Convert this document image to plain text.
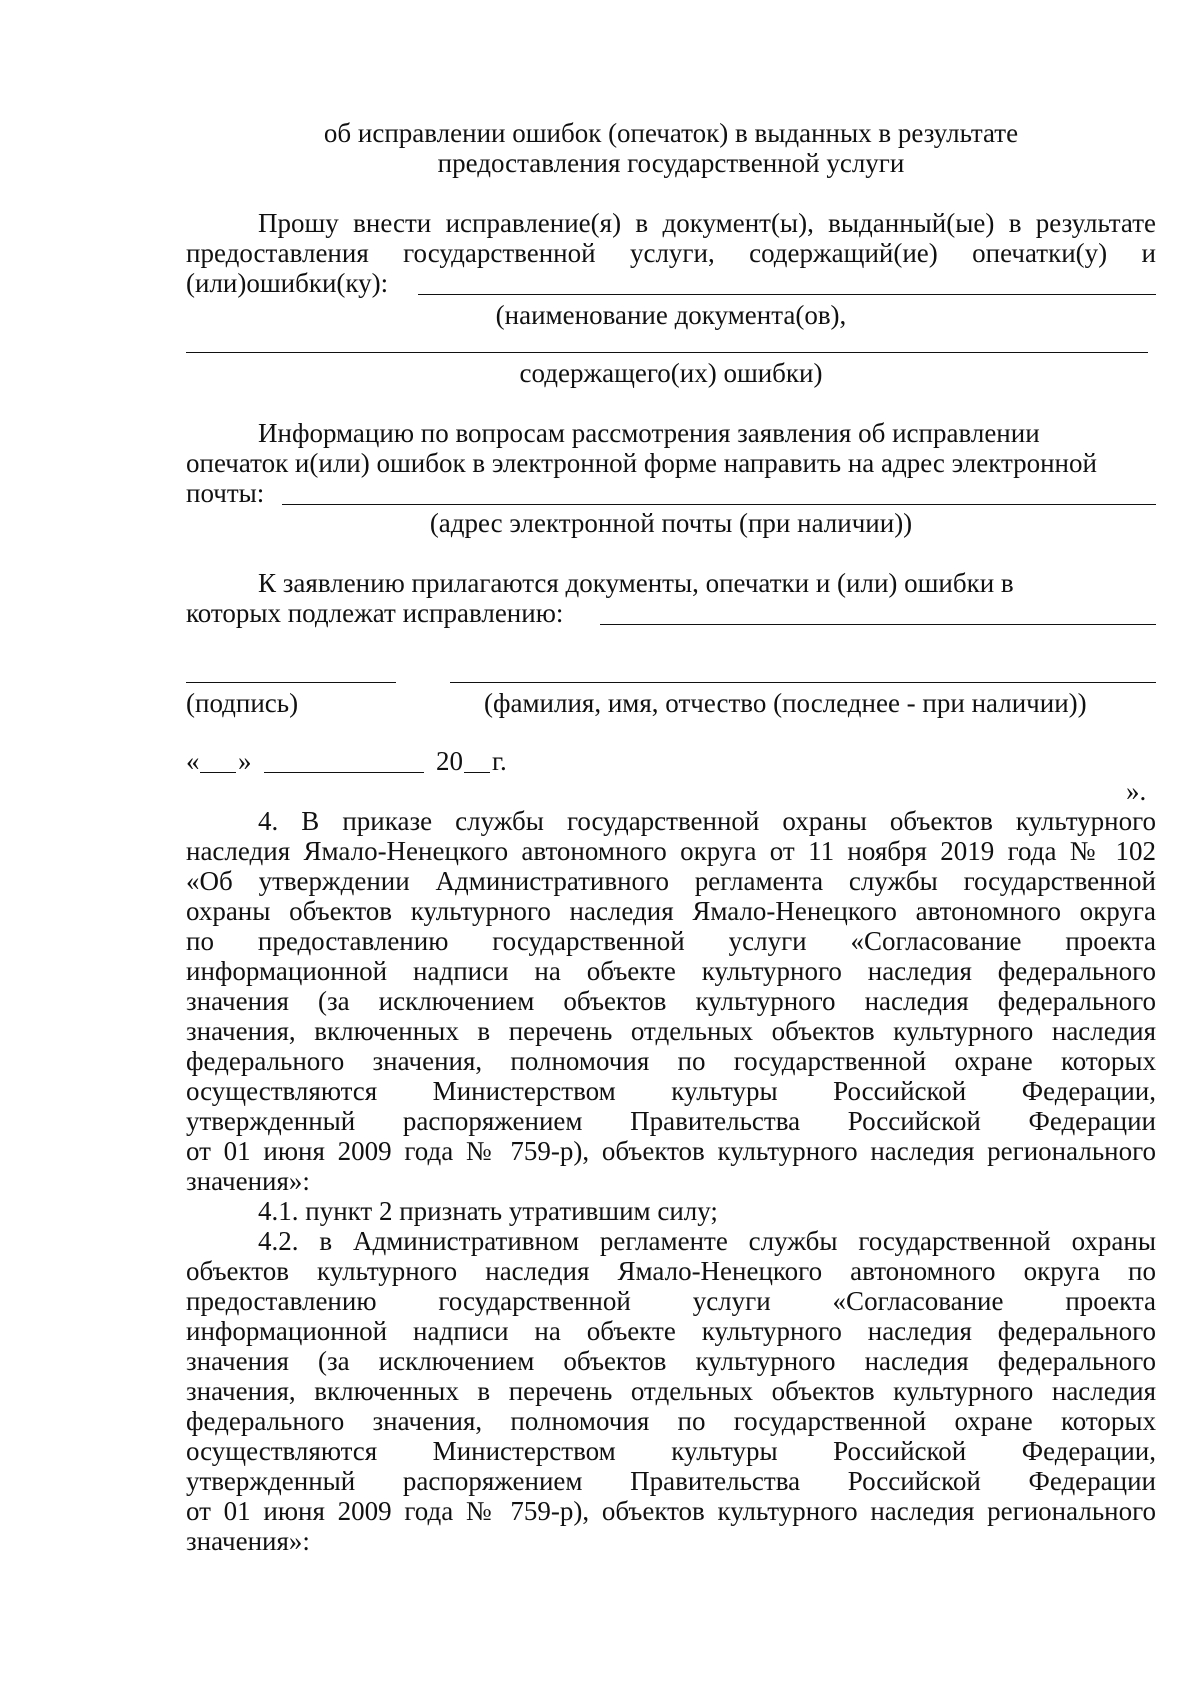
об исправлении ошибок (опечаток) в выданных в результате
предоставления государственной услуги
Прошу внести исправление(я) в документ(ы), выданный(ые) в результате
предоставления государственной услуги, содержащий(ие) опечатки(у) и
(или)ошибки(ку):
(наименование документа(ов),
содержащего(их) ошибки)
Информацию по вопросам рассмотрения заявления об исправлении
опечаток и(или) ошибок в электронной форме направить на адрес электронной
почты:
(адрес электронной почты (при наличии))
К заявлению прилагаются документы, опечатки и (или) ошибки в
которых подлежат исправлению:
(подпись)	(фамилия, имя, отчество (последнее - при наличии))
« »	20 г.
».
4. В приказе службы государственной охраны объектов культурного
наследия Ямало-Ненецкого автономного округа от 11 ноября 2019 года № 102
«Об утверждении Административного регламента службы государственной
охраны объектов культурного наследия Ямало-Ненецкого автономного округа
по предоставлению государственной услуги «Согласование проекта
информационной надписи на объекте культурного наследия федерального
значения (за исключением объектов культурного наследия федерального
значения, включенных в перечень отдельных объектов культурного наследия
федерального значения, полномочия по государственной охране которых
осуществляются Министерством культуры Российской Федерации,
утвержденный распоряжением Правительства Российской Федерации
от 01 июня 2009 года № 759-р), объектов культурного наследия регионального
значения»:
4.1. пункт 2 признать утратившим силу;
4.2. в Административном регламенте службы государственной охраны
объектов культурного наследия Ямало-Ненецкого автономного округа по
предоставлению государственной услуги «Согласование проекта
информационной надписи на объекте культурного наследия федерального
значения (за исключением объектов культурного наследия федерального
значения, включенных в перечень отдельных объектов культурного наследия
федерального значения, полномочия по государственной охране которых
осуществляются Министерством культуры Российской Федерации,
утвержденный распоряжением Правительства Российской Федерации
от 01 июня 2009 года № 759-р), объектов культурного наследия регионального
значения»:
